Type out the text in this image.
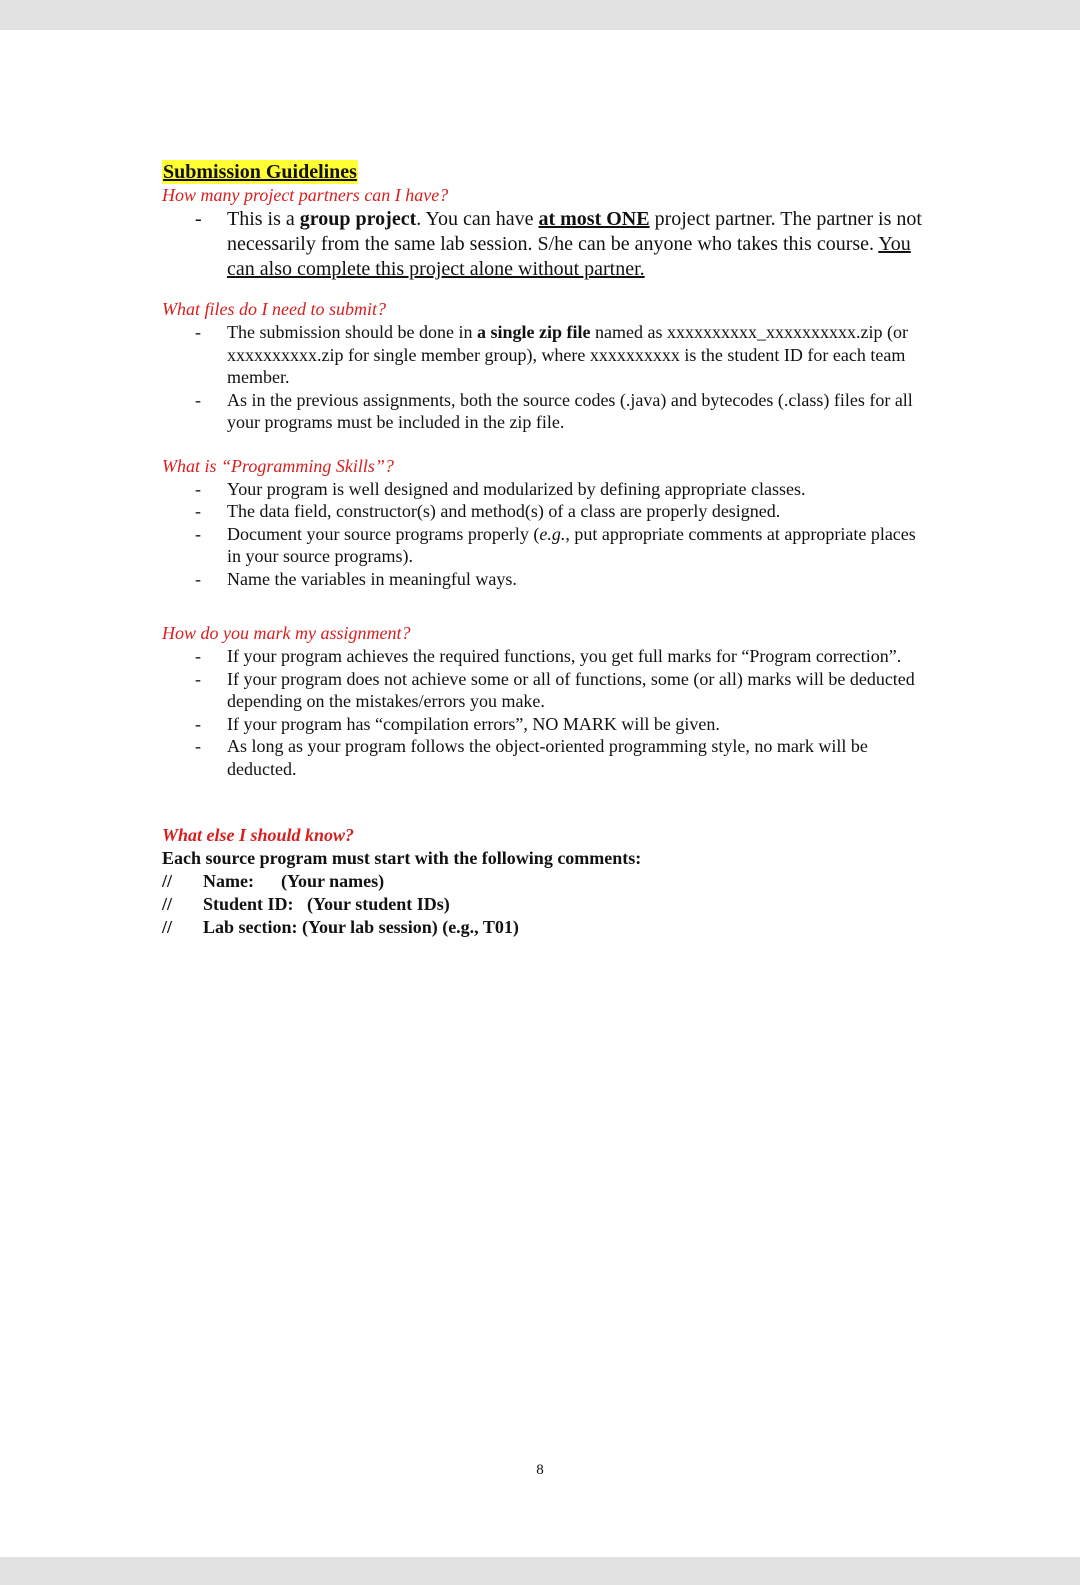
Submission Guidelines
How many project partners can I have?
- This is a group project. You can have at most ONE project partner. The partner is not necessarily from the same lab session. S/he can be anyone who takes this course. You can also complete this project alone without partner.
What files do I need to submit?
- The submission should be done in a single zip file named as xxxxxxxxxx_xxxxxxxxxx.zip (or xxxxxxxxxx.zip for single member group), where xxxxxxxxxx is the student ID for each team member.
- As in the previous assignments, both the source codes (.java) and bytecodes (.class) files for all your programs must be included in the zip file.
What is “Programming Skills”?
- Your program is well designed and modularized by defining appropriate classes.
- The data field, constructor(s) and method(s) of a class are properly designed.
- Document your source programs properly (e.g., put appropriate comments at appropriate places in your source programs).
- Name the variables in meaningful ways.
How do you mark my assignment?
- If your program achieves the required functions, you get full marks for “Program correction”.
- If your program does not achieve some or all of functions, some (or all) marks will be deducted depending on the mistakes/errors you make.
- If your program has “compilation errors”, NO MARK will be given.
- As long as your program follows the object-oriented programming style, no mark will be deducted.
What else I should know?
Each source program must start with the following comments:
// Name:      (Your names)
// Student ID:   (Your student IDs)
// Lab section: (Your lab session) (e.g., T01)
8
